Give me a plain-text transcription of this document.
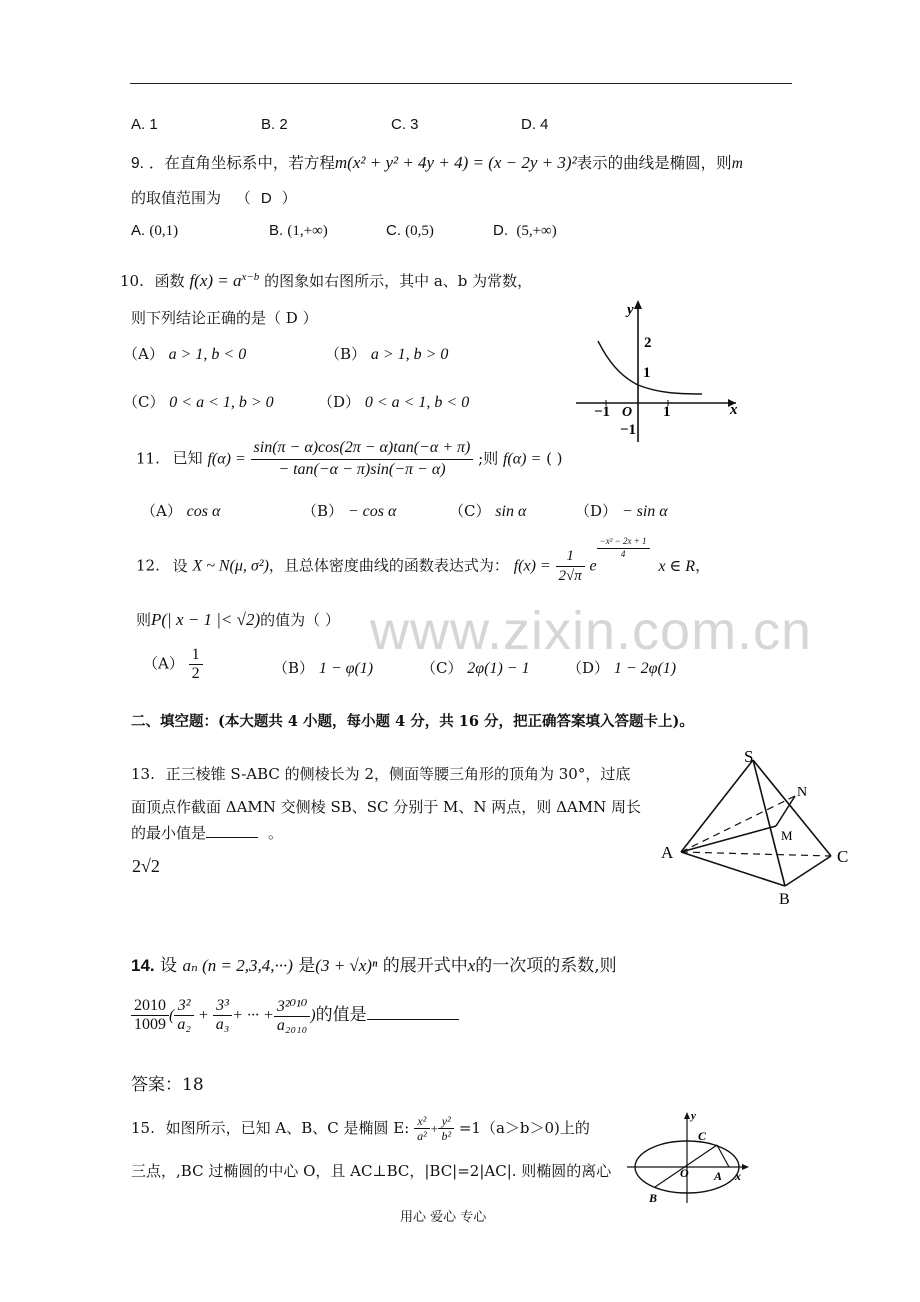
www.zixin.com.cn
A. 1	B. 2	C. 3	D. 4
9. ．在直角坐标系中，若方程m(x² + y² + 4y + 4) = (x − 2y + 3)²表示的曲线是椭圆，则m
的取值范围为 （ D ）
A. (0,1)	B. (1,+∞)	C. (0,5)	D. (5,+∞)
10. 函数 $f(x) = a^{x-b}$ 的图象如右图所示，其中 a、b 为常数，
则下列结论正确的是（ D ）
（A） a > 1, b < 0	（B） a > 1, b > 0
（C） 0 < a < 1, b > 0	（D） 0 < a < 1, b < 0
y
x
O
2
1
−1	1
−1
11. 已知 $f(\alpha) = \frac{\sin(\pi - \alpha)\cos(2\pi - \alpha)\tan(-\alpha + \pi)}{- \tan(-\alpha - \pi)\sin(-\pi - \alpha)}$ ;则 f(α) = ( )
（A） cos α	（B） − cos α	（C） sin α	（D） − sin α
12. 设 X ~ N(μ, σ²)，且总体密度曲线的函数表达式为： $f(x) = \frac{1}{2√\pi}$ e
$\frac{\text{−x² − 2x + 1}}{4}$
x ∈ R，
则P(| x − 1 |< √2)的值为（ ）
$(A) \frac{1}{2}$	（B） 1 − φ(1)	（C） 2φ(1) − 1 （D） 1 − 2φ(1)
二、填空题：(本大题共 4 小题，每小题 4 分，共 16 分，把正确答案填入答题卡上)。
13. 正三棱锥 S-ABC 的侧棱长为 2，侧面等腰三角形的顶角为 30°，过底
面顶点作截面 ΔAMN 交侧棱 SB、SC 分别于 M、N 两点，则 ΔAMN 周长
的最小值是	。
2√2
S
N
M
A	C
B
14. 设 aₙ (n = 2,3,4,···) 是(3 + √x)ⁿ 的展开式中x的一次项的系数,则
$\frac{2010}{1009}$ ( $\frac{\text{3²}}{\text{a₂}} + \frac{\text{3³}}{\text{a₃}}$ + ··· + $\frac{\text{3²⁰¹⁰}}{\text{a₂₀₁₀}}$ )的值是
答案：18
15. 如图所示，已知 A、B、C 是椭圆 E: $\frac{\text{x²}}{\text{a²}} + \frac{\text{y²}}{\text{b²}} =1(a>b>0)$上的
三点，,BC 过椭圆的中心 O，且 AC⊥BC，|BC|=2|AC|. 则椭圆的离心
y
C
O A x
B
用心 爱心 专心
